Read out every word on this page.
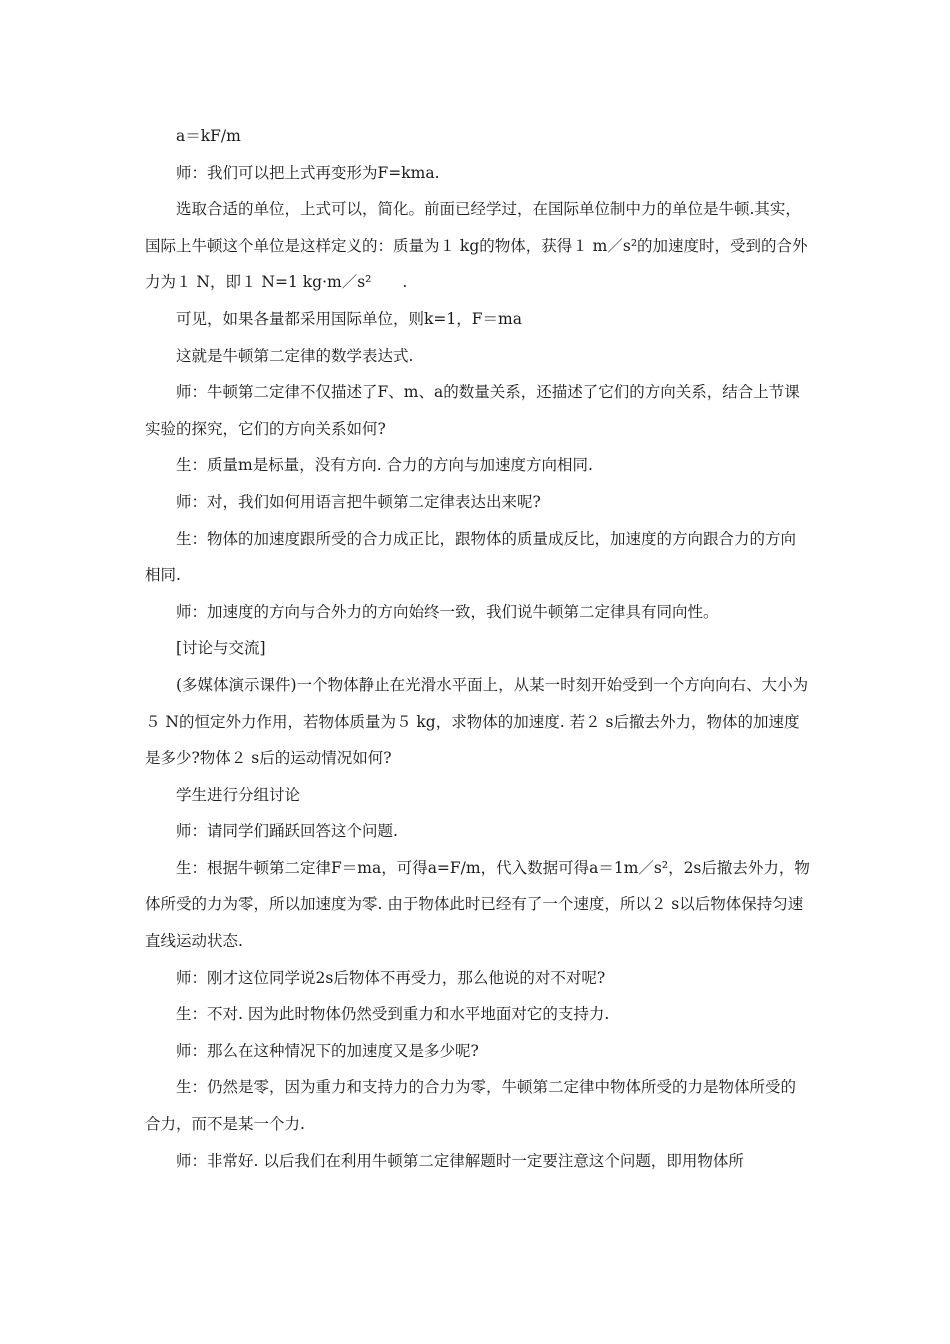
a＝kF/m

师：我们可以把上式再变形为F=kma.

选取合适的单位，上式可以，简化。前面已经学过，在国际单位制中力的单位是牛顿.其实，国际上牛顿这个单位是这样定义的：质量为１ kg的物体，获得１ m／s²的加速度时，受到的合外力为１ N，即１ N=1 kg·m／s²　　.

可见，如果各量都采用国际单位，则k=1，F＝ma

这就是牛顿第二定律的数学表达式.

师：牛顿第二定律不仅描述了F、m、a的数量关系，还描述了它们的方向关系，结合上节课实验的探究，它们的方向关系如何?

生：质量m是标量，没有方向. 合力的方向与加速度方向相同.

师：对，我们如何用语言把牛顿第二定律表达出来呢?

生：物体的加速度跟所受的合力成正比，跟物体的质量成反比，加速度的方向跟合力的方向相同.

师：加速度的方向与合外力的方向始终一致，我们说牛顿第二定律具有同向性。

[讨论与交流]

(多媒体演示课件)一个物体静止在光滑水平面上，从某一时刻开始受到一个方向向右、大小为５ N的恒定外力作用，若物体质量为５ kg，求物体的加速度. 若２ s后撤去外力，物体的加速度是多少?物体２ s后的运动情况如何?

学生进行分组讨论

师：请同学们踊跃回答这个问题.

生：根据牛顿第二定律F＝ma，可得a=F/m，代入数据可得a＝1m／s²，2s后撤去外力，物体所受的力为零，所以加速度为零. 由于物体此时已经有了一个速度，所以２ s以后物体保持匀速直线运动状态.

师：刚才这位同学说2s后物体不再受力，那么他说的对不对呢?

生：不对. 因为此时物体仍然受到重力和水平地面对它的支持力.

师：那么在这种情况下的加速度又是多少呢?

生：仍然是零，因为重力和支持力的合力为零，牛顿第二定律中物体所受的力是物体所受的合力，而不是某一个力.

师：非常好. 以后我们在利用牛顿第二定律解题时一定要注意这个问题，即用物体所
